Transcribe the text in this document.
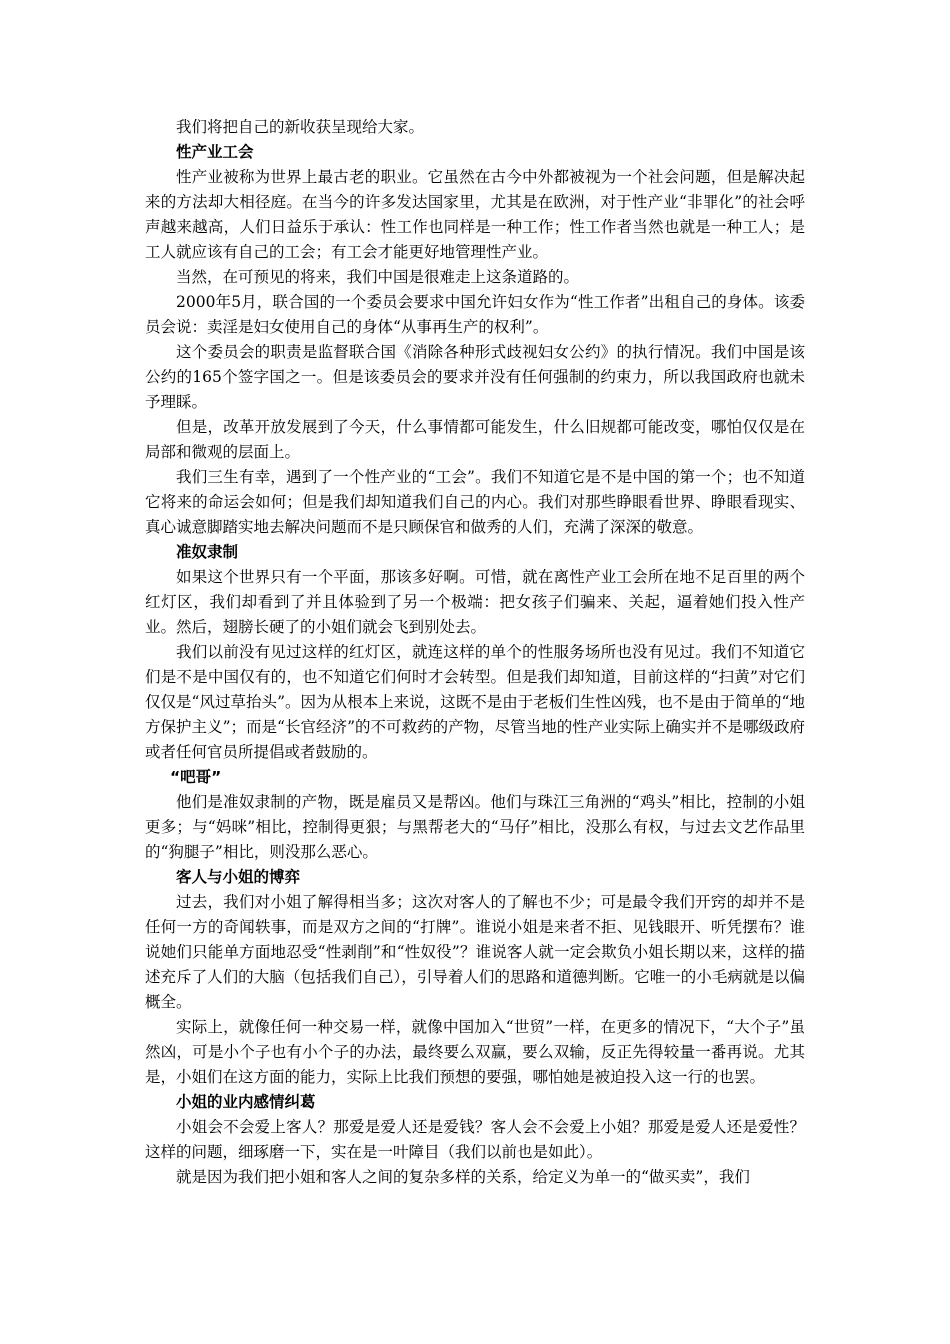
我们将把自己的新收获呈现给大家。

性产业工会

性产业被称为世界上最古老的职业。它虽然在古今中外都被视为一个社会问题，但是解决起来的方法却大相径庭。在当今的许多发达国家里，尤其是在欧洲，对于性产业“非罪化”的社会呼声越来越高，人们日益乐于承认：性工作也同样是一种工作；性工作者当然也就是一种工人；是工人就应该有自己的工会；有工会才能更好地管理性产业。

当然，在可预见的将来，我们中国是很难走上这条道路的。

2000年5月，联合国的一个委员会要求中国允许妇女作为“性工作者”出租自己的身体。该委员会说：卖淫是妇女使用自己的身体“从事再生产的权利”。

这个委员会的职责是监督联合国《消除各种形式歧视妇女公约》的执行情况。我们中国是该公约的165个签字国之一。但是该委员会的要求并没有任何强制的约束力，所以我国政府也就未予理睬。

但是，改革开放发展到了今天，什么事情都可能发生，什么旧规都可能改变，哪怕仅仅是在局部和微观的层面上。

我们三生有幸，遇到了一个性产业的“工会”。我们不知道它是不是中国的第一个；也不知道它将来的命运会如何；但是我们却知道我们自己的内心。我们对那些睁眼看世界、睁眼看现实、真心诚意脚踏实地去解决问题而不是只顾保官和做秀的人们，充满了深深的敬意。

准奴隶制

如果这个世界只有一个平面，那该多好啊。可惜，就在离性产业工会所在地不足百里的两个红灯区，我们却看到了并且体验到了另一个极端：把女孩子们骗来、关起，逼着她们投入性产业。然后，翅膀长硬了的小姐们就会飞到别处去。

我们以前没有见过这样的红灯区，就连这样的单个的性服务场所也没有见过。我们不知道它们是不是中国仅有的，也不知道它们何时才会转型。但是我们却知道，目前这样的“扫黄”对它们仅仅是“风过草抬头”。因为从根本上来说，这既不是由于老板们生性凶残，也不是由于简单的“地方保护主义”；而是“长官经济”的不可救药的产物，尽管当地的性产业实际上确实并不是哪级政府或者任何官员所提倡或者鼓励的。

“吧哥”

他们是准奴隶制的产物，既是雇员又是帮凶。他们与珠江三角洲的“鸡头”相比，控制的小姐更多；与“妈咪”相比，控制得更狠；与黑帮老大的“马仔”相比，没那么有权，与过去文艺作品里的“狗腿子”相比，则没那么恶心。

客人与小姐的博弈

过去，我们对小姐了解得相当多；这次对客人的了解也不少；可是最令我们开窍的却并不是任何一方的奇闻轶事，而是双方之间的“打牌”。谁说小姐是来者不拒、见钱眼开、听凭摆布？谁说她们只能单方面地忍受“性剥削”和“性奴役”？谁说客人就一定会欺负小姐长期以来，这样的描述充斥了人们的大脑（包括我们自己），引导着人们的思路和道德判断。它唯一的小毛病就是以偏概全。

实际上，就像任何一种交易一样，就像中国加入“世贸”一样，在更多的情况下，“大个子”虽然凶，可是小个子也有小个子的办法，最终要么双赢，要么双输，反正先得较量一番再说。尤其是，小姐们在这方面的能力，实际上比我们预想的要强，哪怕她是被迫投入这一行的也罢。

小姐的业内感情纠葛

小姐会不会爱上客人？那爱是爱人还是爱钱？客人会不会爱上小姐？那爱是爱人还是爱性？这样的问题，细琢磨一下，实在是一叶障目（我们以前也是如此）。

就是因为我们把小姐和客人之间的复杂多样的关系，给定义为单一的“做买卖”，我们
